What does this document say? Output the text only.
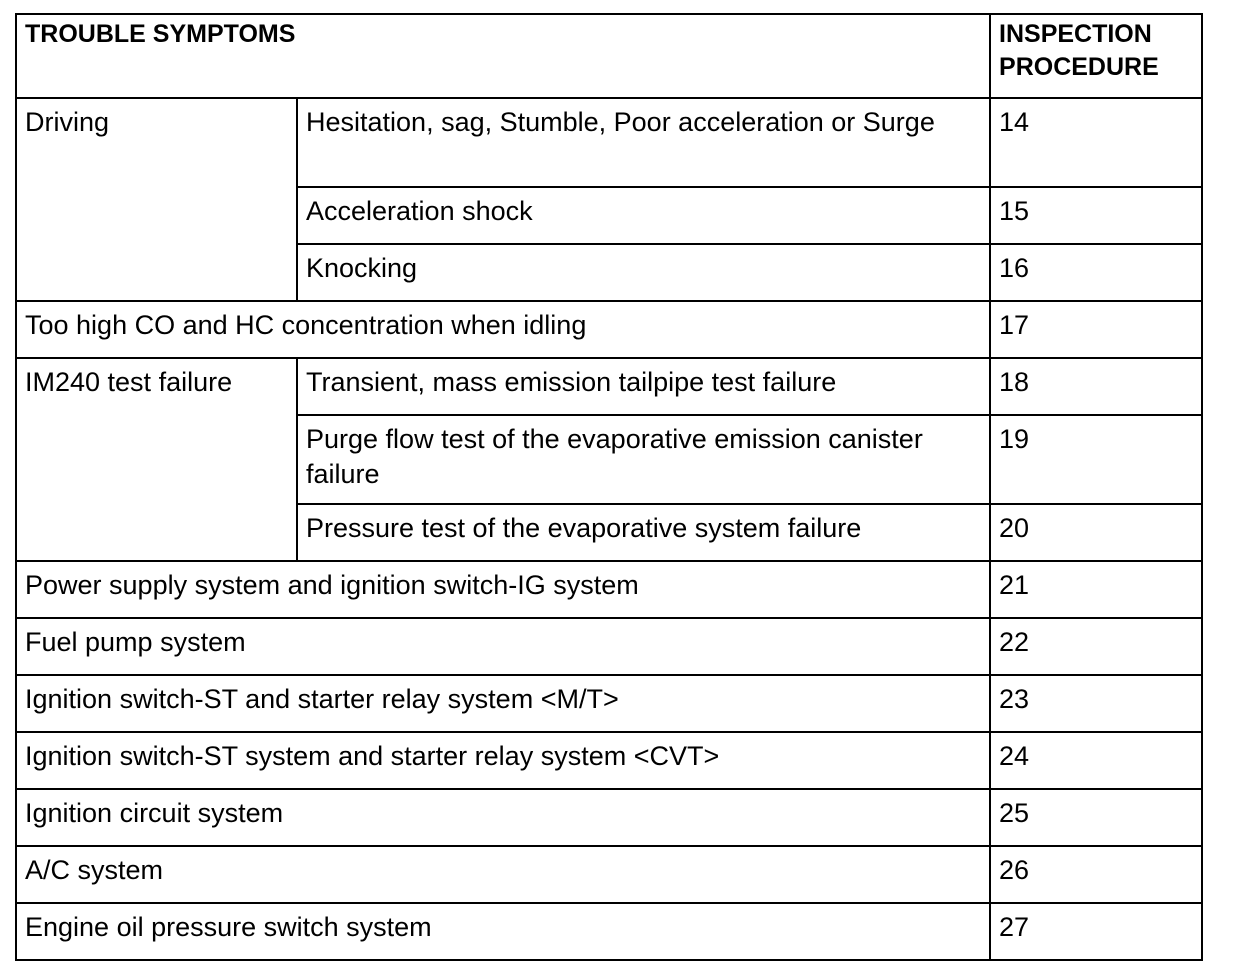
TROUBLE SYMPTOMS		INSPECTION PROCEDURE
Driving	Hesitation, sag, Stumble, Poor acceleration or Surge	14
	Acceleration shock	15
	Knocking	16
Too high CO and HC concentration when idling		17
IM240 test failure	Transient, mass emission tailpipe test failure	18
	Purge flow test of the evaporative emission canister failure	19
	Pressure test of the evaporative system failure	20
Power supply system and ignition switch-IG system		21
Fuel pump system		22
Ignition switch-ST and starter relay system <M/T>		23
Ignition switch-ST system and starter relay system <CVT>		24
Ignition circuit system		25
A/C system		26
Engine oil pressure switch system		27
